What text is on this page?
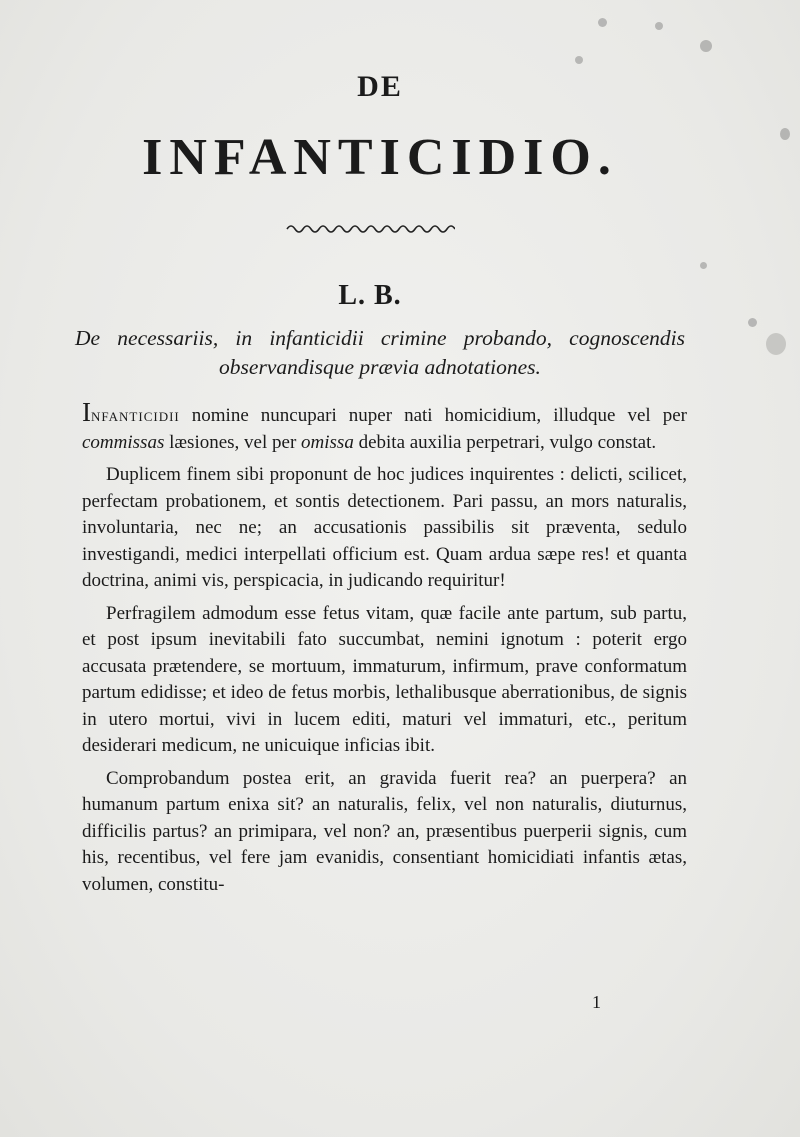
DE
INFANTICIDIO.
L. B.
De necessariis, in infanticidii crimine probando, cognoscendis observandisque prævia adnotationes.

Infanticidii nomine nuncupari nuper nati homicidium, illudque vel per commissas læsiones, vel per omissa debita auxilia perpetrari, vulgo constat.

Duplicem finem sibi proponunt de hoc judices inquirentes : delicti, scilicet, perfectam probationem, et sontis detectionem. Pari passu, an mors naturalis, involuntaria, nec ne; an accusationis passibilis sit præventa, sedulo investigandi, medici interpellati officium est. Quam ardua sæpe res! et quanta doctrina, animi vis, perspicacia, in judicando requiritur!

Perfragilem admodum esse fetus vitam, quæ facile ante partum, sub partu, et post ipsum inevitabili fato succumbat, nemini ignotum : poterit ergo accusata prætendere, se mortuum, immaturum, infirmum, prave conformatum partum edidisse; et ideo de fetus morbis, lethalibusque aberrationibus, de signis in utero mortui, vivi in lucem editi, maturi vel immaturi, etc., peritum desiderari medicum, ne unicuique inficias ibit.

Comprobandum postea erit, an gravida fuerit rea? an puerpera? an humanum partum enixa sit? an naturalis, felix, vel non naturalis, diuturnus, difficilis partus? an primipara, vel non? an, præsentibus puerperii signis, cum his, recentibus, vel fere jam evanidis, consentiant homicidiati infantis ætas, volumen, constitu-

1
